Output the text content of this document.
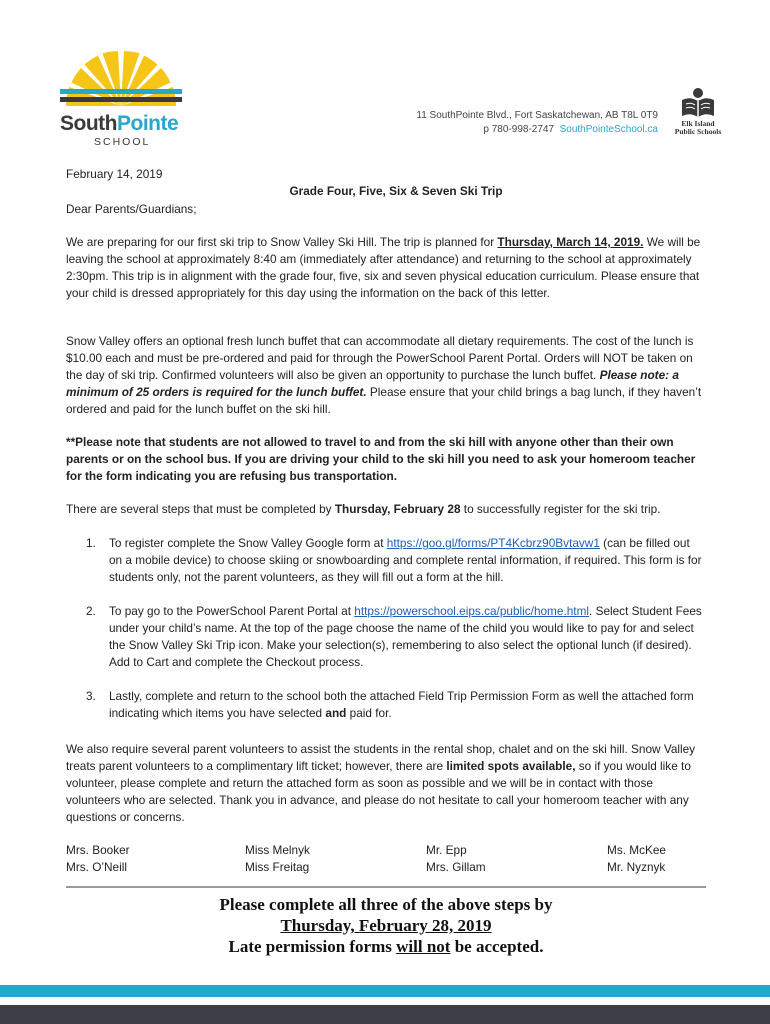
SouthPointe
SCHOOL
11 SouthPointe Blvd., Fort Saskatchewan, AB T8L 0T9
p 780-998-2747 SouthPointeSchool.ca
Elk Island
Public Schools
February 14, 2019
Grade Four, Five, Six & Seven Ski Trip
Dear Parents/Guardians;
We are preparing for our first ski trip to Snow Valley Ski Hill. The trip is planned for Thursday, March 14, 2019. We will be leaving the school at approximately 8:40 am (immediately after attendance) and returning to the school at approximately 2:30pm. This trip is in alignment with the grade four, five, six and seven physical education curriculum. Please ensure that your child is dressed appropriately for this day using the information on the back of this letter.
Snow Valley offers an optional fresh lunch buffet that can accommodate all dietary requirements. The cost of the lunch is $10.00 each and must be pre-ordered and paid for through the PowerSchool Parent Portal. Orders will NOT be taken on the day of ski trip. Confirmed volunteers will also be given an opportunity to purchase the lunch buffet. Please note: a minimum of 25 orders is required for the lunch buffet. Please ensure that your child brings a bag lunch, if they haven’t ordered and paid for the lunch buffet on the ski hill.
**Please note that students are not allowed to travel to and from the ski hill with anyone other than their own parents or on the school bus. If you are driving your child to the ski hill you need to ask your homeroom teacher for the form indicating you are refusing bus transportation.
There are several steps that must be completed by Thursday, February 28 to successfully register for the ski trip.
1. To register complete the Snow Valley Google form at https://goo.gl/forms/PT4Kcbrz90Bvtavw1 (can be filled out on a mobile device) to choose skiing or snowboarding and complete rental information, if required. This form is for students only, not the parent volunteers, as they will fill out a form at the hill.
2. To pay go to the PowerSchool Parent Portal at https://powerschool.eips.ca/public/home.html. Select Student Fees under your child’s name. At the top of the page choose the name of the child you would like to pay for and select the Snow Valley Ski Trip icon. Make your selection(s), remembering to also select the optional lunch (if desired). Add to Cart and complete the Checkout process.
3. Lastly, complete and return to the school both the attached Field Trip Permission Form as well the attached form indicating which items you have selected and paid for.
We also require several parent volunteers to assist the students in the rental shop, chalet and on the ski hill. Snow Valley treats parent volunteers to a complimentary lift ticket; however, there are limited spots available, so if you would like to volunteer, please complete and return the attached form as soon as possible and we will be in contact with those volunteers who are selected. Thank you in advance, and please do not hesitate to call your homeroom teacher with any questions or concerns.
Mrs. Booker
Mrs. O’Neill
Miss Melnyk
Miss Freitag
Mr. Epp
Mrs. Gillam
Ms. McKee
Mr. Nyznyk
Please complete all three of the above steps by
Thursday, February 28, 2019
Late permission forms will not be accepted.
